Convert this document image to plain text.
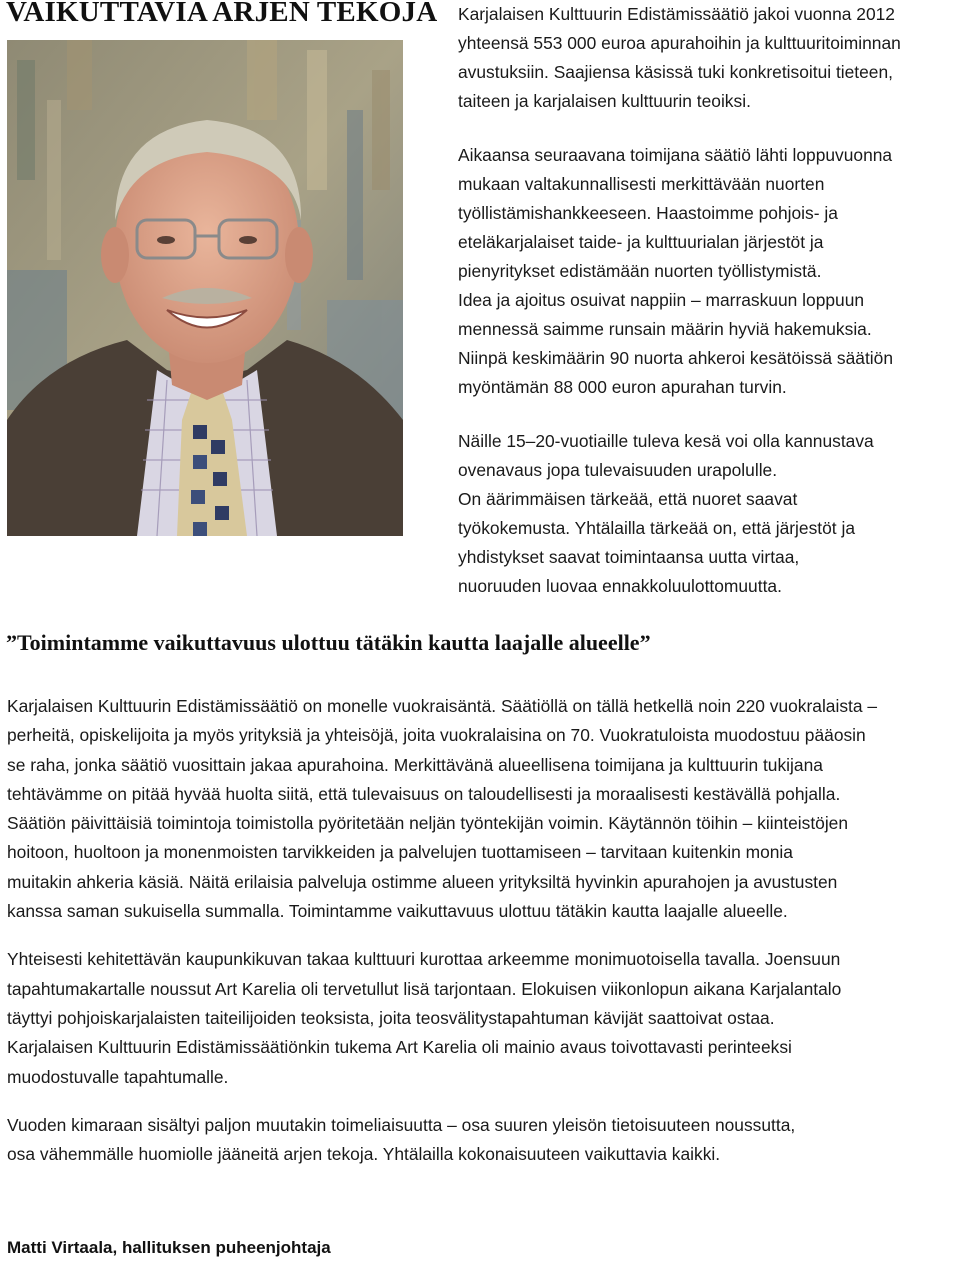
VAIKUTTAVIA ARJEN TEKOJA Karjalaisen Kulttuurin Edistämissäätiö jakoi vuonna 2012
yhteensä 553 000 euroa apurahoihin ja kulttuuritoiminnan
avustuksiin. Saajiensa käsissä tuki konkretisoitui tieteen,
taiteen ja karjalaisen kulttuurin teoiksi.

Aikaansa seuraavana toimijana säätiö lähti loppuvuonna
mukaan valtakunnallisesti merkittävään nuorten
työllistämishankkeeseen. Haastoimme pohjois- ja
eteläkarjalaiset taide- ja kulttuurialan järjestöt ja
pienyritykset edistämään nuorten työllistymistä.
Idea ja ajoitus osuivat nappiin – marraskuun loppuun
mennessä saimme runsain määrin hyviä hakemuksia.
Niinpä keskimäärin 90 nuorta ahkeroi kesätöissä säätiön
myöntämän 88 000 euron apurahan turvin.

Näille 15–20-vuotiaille tuleva kesä voi olla kannustava
ovenavaus jopa tulevaisuuden urapolulle.
On äärimmäisen tärkeää, että nuoret saavat
työkokemusta. Yhtälailla tärkeää on, että järjestöt ja
yhdistykset saavat toimintaansa uutta virtaa,
nuoruuden luovaa ennakkoluulottomuutta.

”Toimintamme vaikuttavuus ulottuu tätäkin kautta laajalle alueelle”

Karjalaisen Kulttuurin Edistämissäätiö on monelle vuokraisäntä. Säätiöllä on tällä hetkellä noin 220 vuokralaista –
perheitä, opiskelijoita ja myös yrityksiä ja yhteisöjä, joita vuokralaisina on 70. Vuokratuloista muodostuu pääosin
se raha, jonka säätiö vuosittain jakaa apurahoina. Merkittävänä alueellisena toimijana ja kulttuurin tukijana
tehtävämme on pitää hyvää huolta siitä, että tulevaisuus on taloudellisesti ja moraalisesti kestävällä pohjalla.
Säätiön päivittäisiä toimintoja toimistolla pyöritetään neljän työntekijän voimin. Käytännön töihin – kiinteistöjen
hoitoon, huoltoon ja monenmoisten tarvikkeiden ja palvelujen tuottamiseen – tarvitaan kuitenkin monia
muitakin ahkeria käsiä. Näitä erilaisia palveluja ostimme alueen yrityksiltä hyvinkin apurahojen ja avustusten
kanssa saman sukuisella summalla. Toimintamme vaikuttavuus ulottuu tätäkin kautta laajalle alueelle.

Yhteisesti kehitettävän kaupunkikuvan takaa kulttuuri kurottaa arkeemme monimuotoisella tavalla. Joensuun
tapahtumakartalle noussut Art Karelia oli tervetullut lisä tarjontaan. Elokuisen viikonlopun aikana Karjalantalo
täyttyi pohjoiskarjalaisten taiteilijoiden teoksista, joita teosvälitystapahtuman kävijät saattoivat ostaa.
Karjalaisen Kulttuurin Edistämissäätiönkin tukema Art Karelia oli mainio avaus toivottavasti perinteeksi
muodostuvalle tapahtumalle.

Vuoden kimaraan sisältyi paljon muutakin toimeliaisuutta – osa suuren yleisön tietoisuuteen noussutta,
osa vähemmälle huomiolle jääneitä arjen tekoja. Yhtälailla kokonaisuuteen vaikuttavia kaikki.

Matti Virtaala, hallituksen puheenjohtaja
